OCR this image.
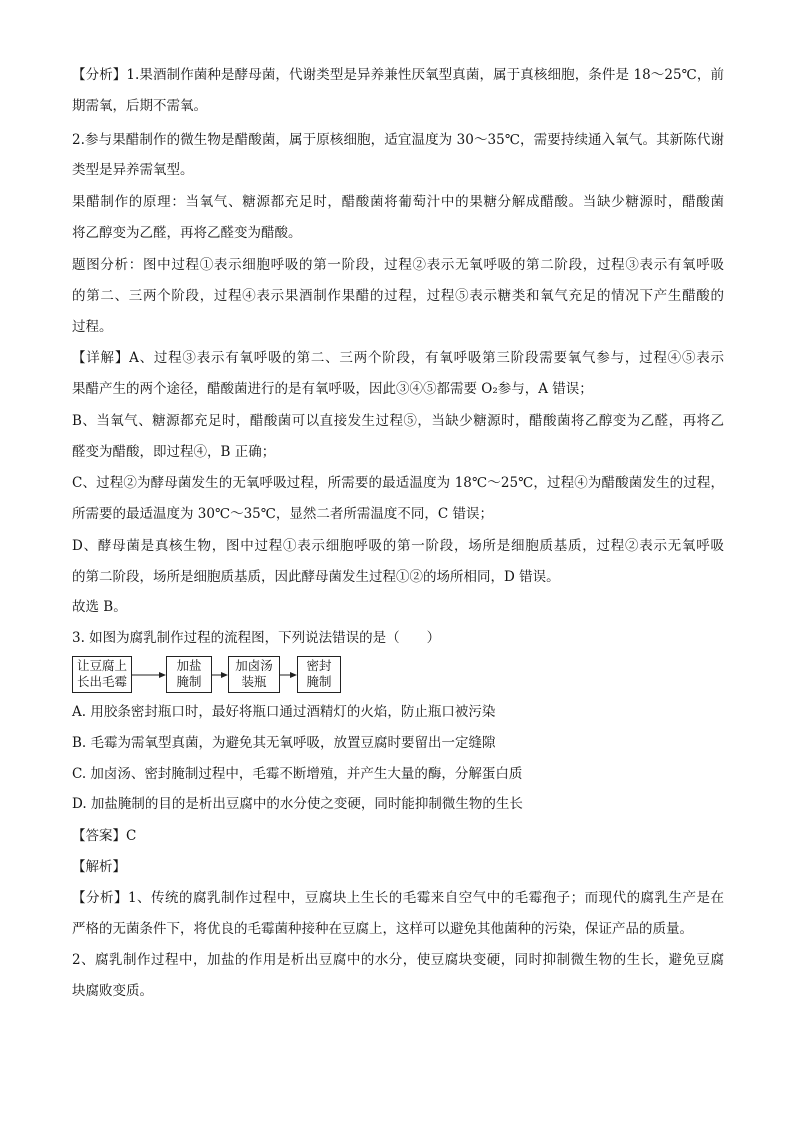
【分析】1.果酒制作菌种是酵母菌，代谢类型是异养兼性厌氧型真菌，属于真核细胞，条件是 18～25℃，前
期需氧，后期不需氧。
2.参与果醋制作的微生物是醋酸菌，属于原核细胞，适宜温度为 30～35℃，需要持续通入氧气。其新陈代谢
类型是异养需氧型。
果醋制作的原理：当氧气、糖源都充足时，醋酸菌将葡萄汁中的果糖分解成醋酸。当缺少糖源时，醋酸菌
将乙醇变为乙醛，再将乙醛变为醋酸。
题图分析：图中过程①表示细胞呼吸的第一阶段，过程②表示无氧呼吸的第二阶段，过程③表示有氧呼吸
的第二、三两个阶段，过程④表示果酒制作果醋的过程，过程⑤表示糖类和氧气充足的情况下产生醋酸的
过程。
【详解】A、过程③表示有氧呼吸的第二、三两个阶段，有氧呼吸第三阶段需要氧气参与，过程④⑤表示
果醋产生的两个途径，醋酸菌进行的是有氧呼吸，因此③④⑤都需要 O₂参与，A 错误；
B、当氧气、糖源都充足时，醋酸菌可以直接发生过程⑤，当缺少糖源时，醋酸菌将乙醇变为乙醛，再将乙
醛变为醋酸，即过程④，B 正确；
C、过程②为酵母菌发生的无氧呼吸过程，所需要的最适温度为 18℃～25℃，过程④为醋酸菌发生的过程，
所需要的最适温度为 30℃～35℃，显然二者所需温度不同，C 错误；
D、酵母菌是真核生物，图中过程①表示细胞呼吸的第一阶段，场所是细胞质基质，过程②表示无氧呼吸
的第二阶段，场所是细胞质基质，因此酵母菌发生过程①②的场所相同，D 错误。
故选 B。
3. 如图为腐乳制作过程的流程图，下列说法错误的是（　　）
让豆腐上
长出毛霉
加盐
腌制
加卤汤
装瓶
密封
腌制
A. 用胶条密封瓶口时，最好将瓶口通过酒精灯的火焰，防止瓶口被污染
B. 毛霉为需氧型真菌，为避免其无氧呼吸，放置豆腐时要留出一定缝隙
C. 加卤汤、密封腌制过程中，毛霉不断增殖，并产生大量的酶，分解蛋白质
D. 加盐腌制的目的是析出豆腐中的水分使之变硬，同时能抑制微生物的生长
【答案】C
【解析】
【分析】1、传统的腐乳制作过程中，豆腐块上生长的毛霉来自空气中的毛霉孢子；而现代的腐乳生产是在
严格的无菌条件下，将优良的毛霉菌种接种在豆腐上，这样可以避免其他菌种的污染，保证产品的质量。
2、腐乳制作过程中，加盐的作用是析出豆腐中的水分，使豆腐块变硬，同时抑制微生物的生长，避免豆腐
块腐败变质。
